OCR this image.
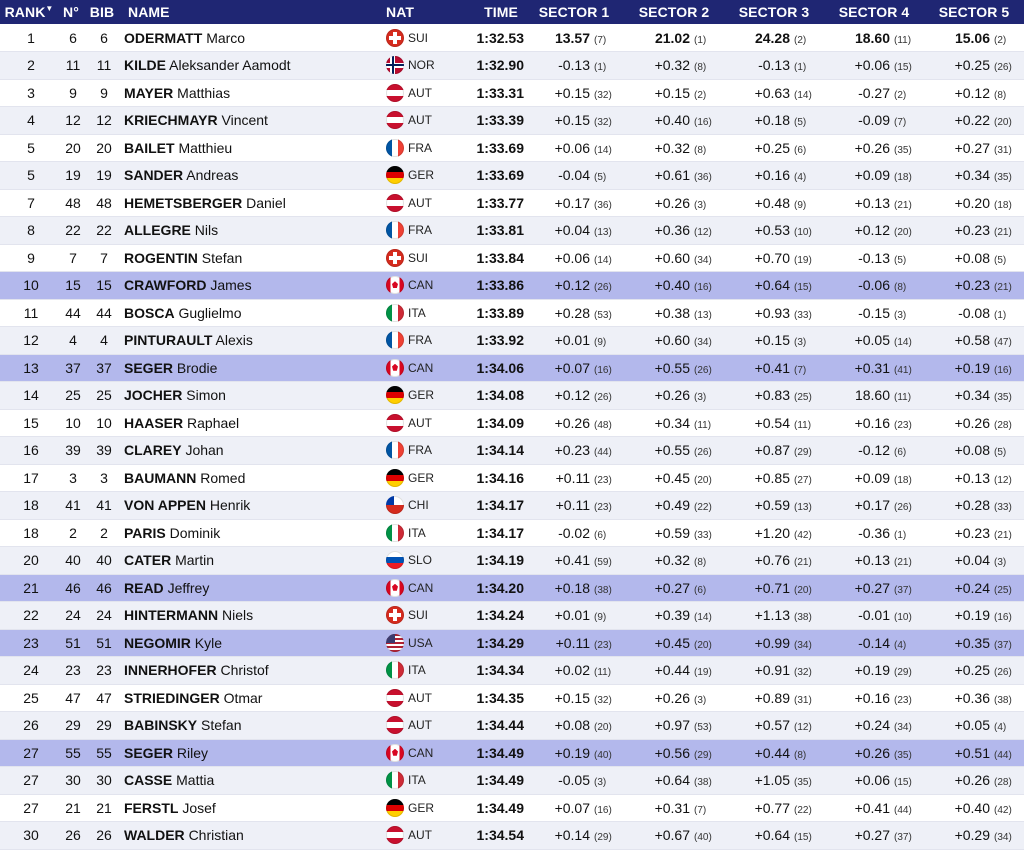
RANK▼	N°	BIB	NAME	NAT	TIME	SECTOR 1	SECTOR 2	SECTOR 3	SECTOR 4	SECTOR 5
1	6	6	ODERMATT Marco	SUI	1:32.53	13.57 (7)	21.02 (1)	24.28 (2)	18.60 (11)	15.06 (2)
2	11	11	KILDE Aleksander Aamodt	NOR	1:32.90	-0.13 (1)	+0.32 (8)	-0.13 (1)	+0.06 (15)	+0.25 (26)
3	9	9	MAYER Matthias	AUT	1:33.31	+0.15 (32)	+0.15 (2)	+0.63 (14)	-0.27 (2)	+0.12 (8)
4	12	12	KRIECHMAYR Vincent	AUT	1:33.39	+0.15 (32)	+0.40 (16)	+0.18 (5)	-0.09 (7)	+0.22 (20)
5	20	20	BAILET Matthieu	FRA	1:33.69	+0.06 (14)	+0.32 (8)	+0.25 (6)	+0.26 (35)	+0.27 (31)
5	19	19	SANDER Andreas	GER	1:33.69	-0.04 (5)	+0.61 (36)	+0.16 (4)	+0.09 (18)	+0.34 (35)
7	48	48	HEMETSBERGER Daniel	AUT	1:33.77	+0.17 (36)	+0.26 (3)	+0.48 (9)	+0.13 (21)	+0.20 (18)
8	22	22	ALLEGRE Nils	FRA	1:33.81	+0.04 (13)	+0.36 (12)	+0.53 (10)	+0.12 (20)	+0.23 (21)
9	7	7	ROGENTIN Stefan	SUI	1:33.84	+0.06 (14)	+0.60 (34)	+0.70 (19)	-0.13 (5)	+0.08 (5)
10	15	15	CRAWFORD James	CAN	1:33.86	+0.12 (26)	+0.40 (16)	+0.64 (15)	-0.06 (8)	+0.23 (21)
11	44	44	BOSCA Guglielmo	ITA	1:33.89	+0.28 (53)	+0.38 (13)	+0.93 (33)	-0.15 (3)	-0.08 (1)
12	4	4	PINTURAULT Alexis	FRA	1:33.92	+0.01 (9)	+0.60 (34)	+0.15 (3)	+0.05 (14)	+0.58 (47)
13	37	37	SEGER Brodie	CAN	1:34.06	+0.07 (16)	+0.55 (26)	+0.41 (7)	+0.31 (41)	+0.19 (16)
14	25	25	JOCHER Simon	GER	1:34.08	+0.12 (26)	+0.26 (3)	+0.83 (25)	18.60 (11)	+0.34 (35)
15	10	10	HAASER Raphael	AUT	1:34.09	+0.26 (48)	+0.34 (11)	+0.54 (11)	+0.16 (23)	+0.26 (28)
16	39	39	CLAREY Johan	FRA	1:34.14	+0.23 (44)	+0.55 (26)	+0.87 (29)	-0.12 (6)	+0.08 (5)
17	3	3	BAUMANN Romed	GER	1:34.16	+0.11 (23)	+0.45 (20)	+0.85 (27)	+0.09 (18)	+0.13 (12)
18	41	41	VON APPEN Henrik	CHI	1:34.17	+0.11 (23)	+0.49 (22)	+0.59 (13)	+0.17 (26)	+0.28 (33)
18	2	2	PARIS Dominik	ITA	1:34.17	-0.02 (6)	+0.59 (33)	+1.20 (42)	-0.36 (1)	+0.23 (21)
20	40	40	CATER Martin	SLO	1:34.19	+0.41 (59)	+0.32 (8)	+0.76 (21)	+0.13 (21)	+0.04 (3)
21	46	46	READ Jeffrey	CAN	1:34.20	+0.18 (38)	+0.27 (6)	+0.71 (20)	+0.27 (37)	+0.24 (25)
22	24	24	HINTERMANN Niels	SUI	1:34.24	+0.01 (9)	+0.39 (14)	+1.13 (38)	-0.01 (10)	+0.19 (16)
23	51	51	NEGOMIR Kyle	USA	1:34.29	+0.11 (23)	+0.45 (20)	+0.99 (34)	-0.14 (4)	+0.35 (37)
24	23	23	INNERHOFER Christof	ITA	1:34.34	+0.02 (11)	+0.44 (19)	+0.91 (32)	+0.19 (29)	+0.25 (26)
25	47	47	STRIEDINGER Otmar	AUT	1:34.35	+0.15 (32)	+0.26 (3)	+0.89 (31)	+0.16 (23)	+0.36 (38)
26	29	29	BABINSKY Stefan	AUT	1:34.44	+0.08 (20)	+0.97 (53)	+0.57 (12)	+0.24 (34)	+0.05 (4)
27	55	55	SEGER Riley	CAN	1:34.49	+0.19 (40)	+0.56 (29)	+0.44 (8)	+0.26 (35)	+0.51 (44)
27	30	30	CASSE Mattia	ITA	1:34.49	-0.05 (3)	+0.64 (38)	+1.05 (35)	+0.06 (15)	+0.26 (28)
27	21	21	FERSTL Josef	GER	1:34.49	+0.07 (16)	+0.31 (7)	+0.77 (22)	+0.41 (44)	+0.40 (42)
30	26	26	WALDER Christian	AUT	1:34.54	+0.14 (29)	+0.67 (40)	+0.64 (15)	+0.27 (37)	+0.29 (34)
